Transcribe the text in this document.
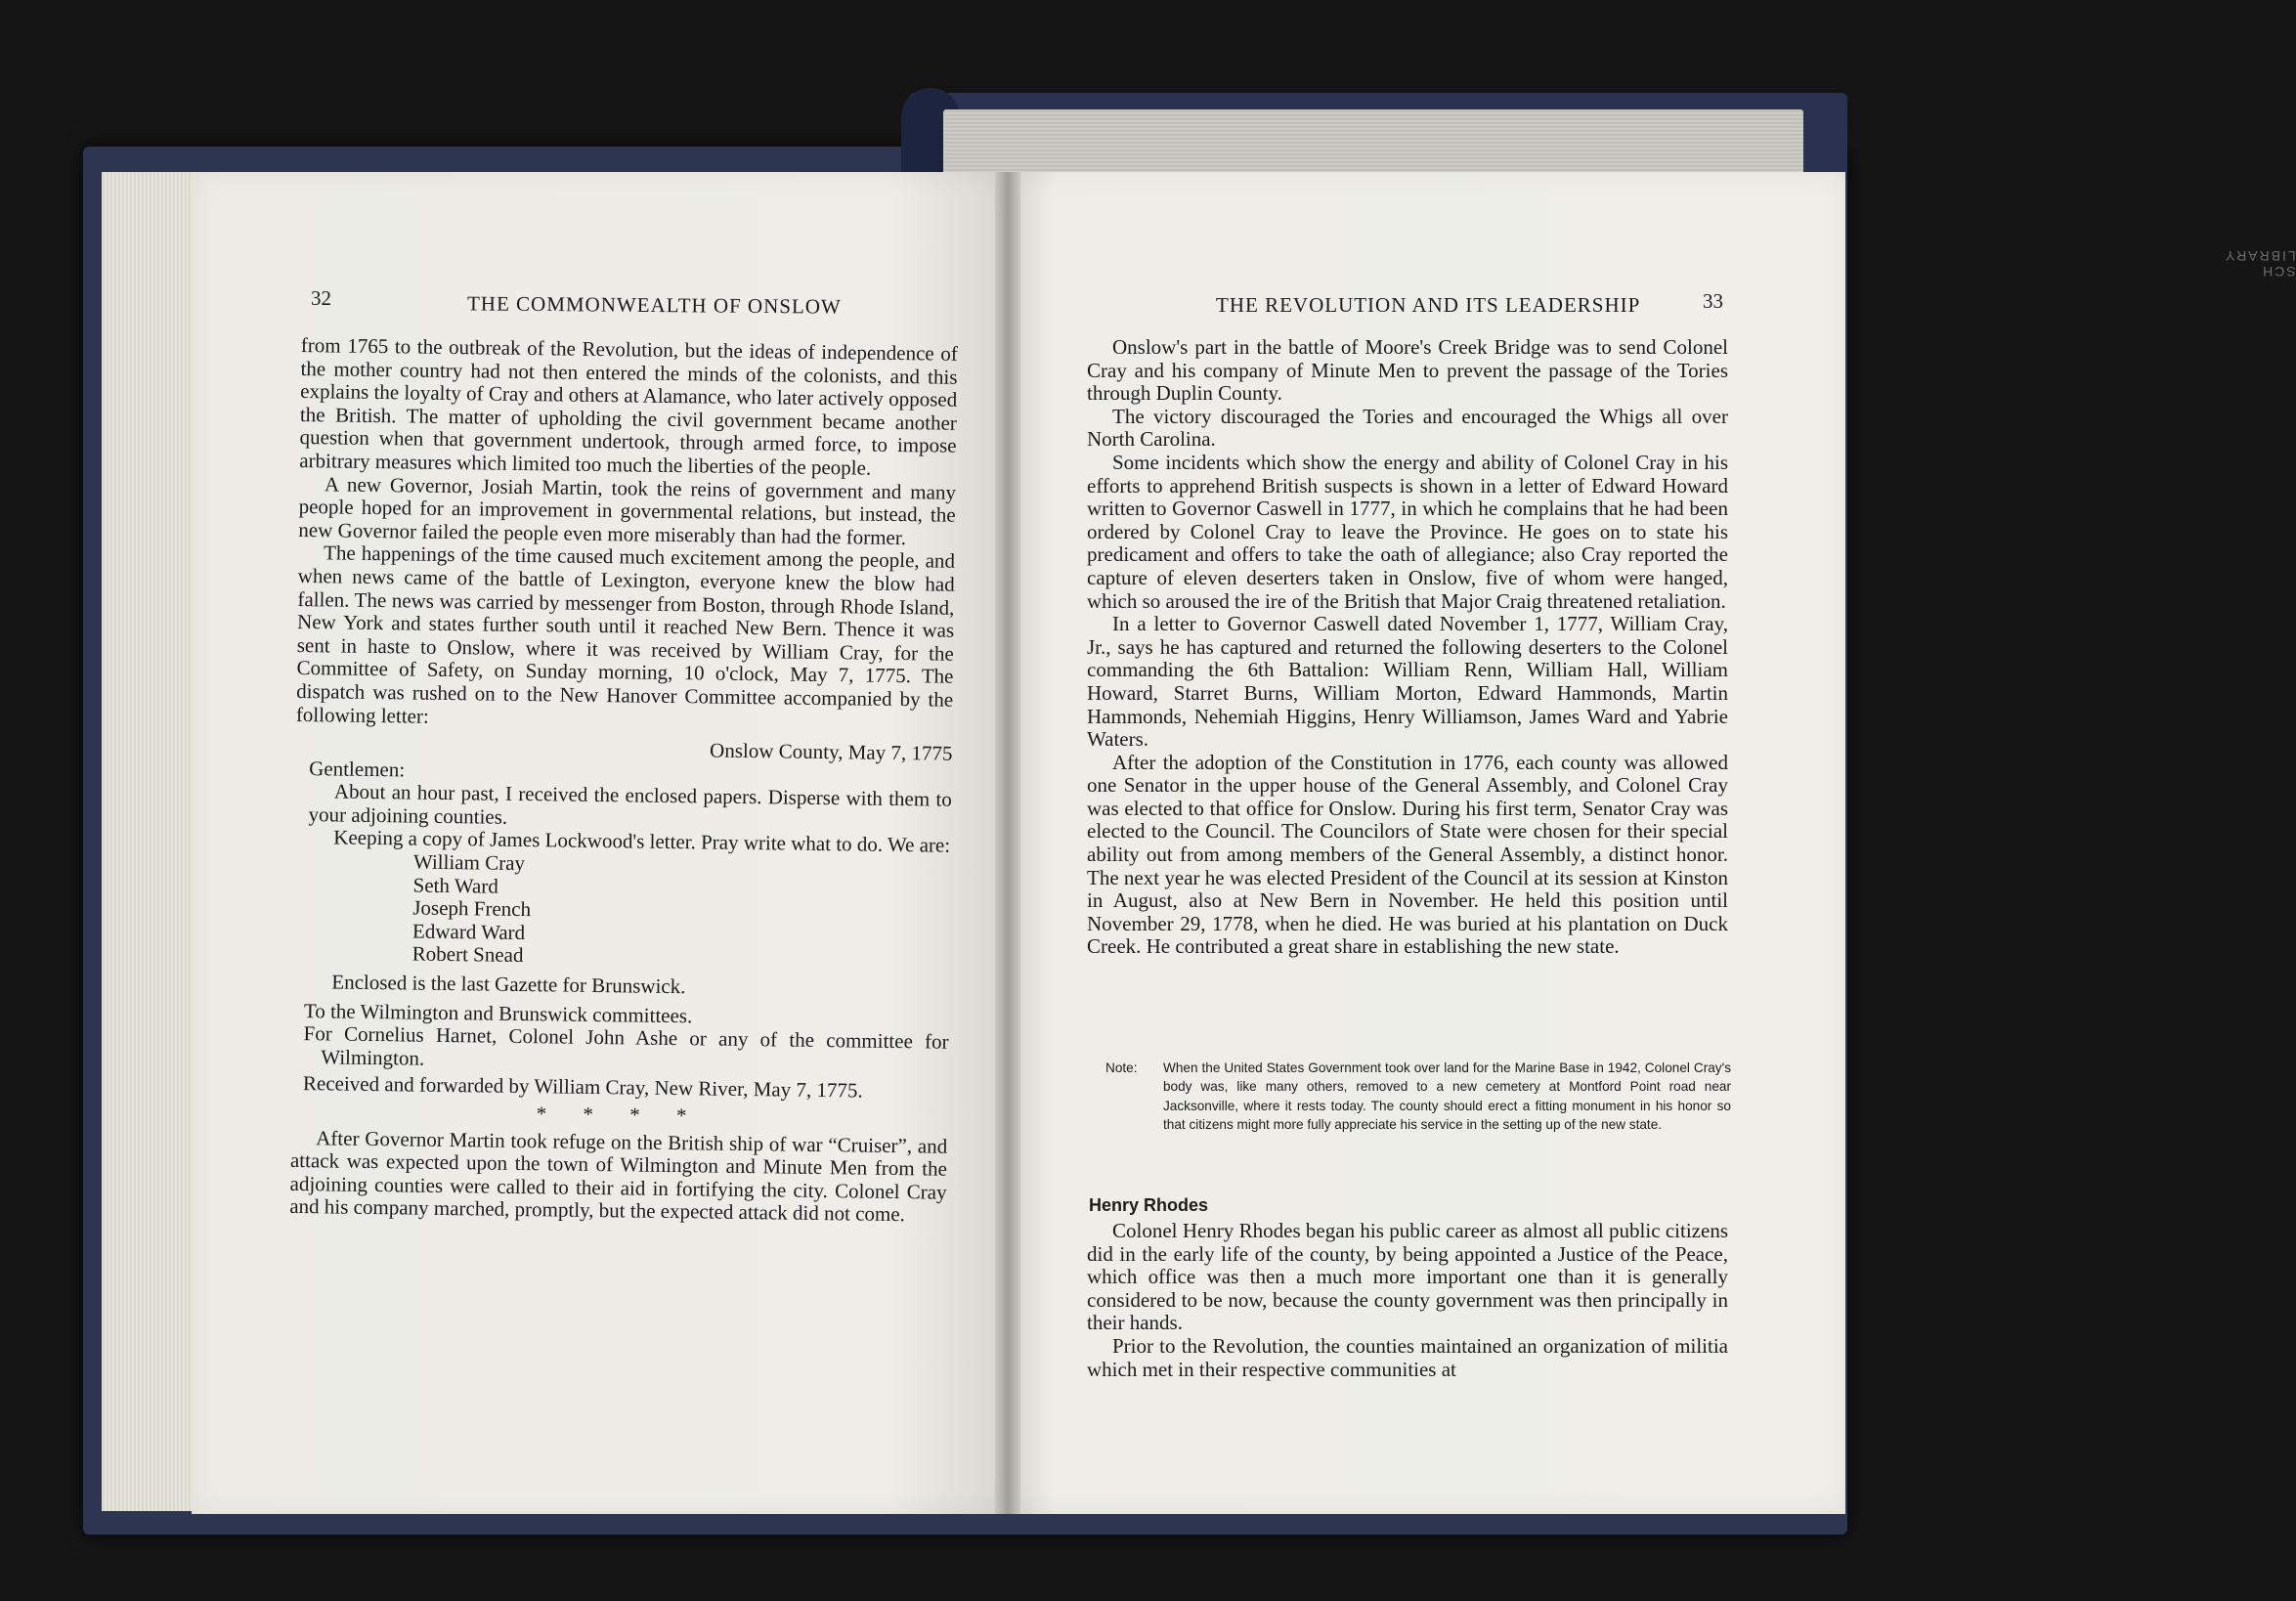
SCH LIBRARY
32	THE COMMONWEALTH OF ONSLOW

from 1765 to the outbreak of the Revolution, but the ideas of independence of the mother country had not then entered the minds of the colonists, and this explains the loyalty of Cray and others at Alamance, who later actively opposed the British. The matter of upholding the civil government became another question when that government undertook, through armed force, to impose arbitrary measures which limited too much the liberties of the people.

A new Governor, Josiah Martin, took the reins of government and many people hoped for an improvement in governmental relations, but instead, the new Governor failed the people even more miserably than had the former.

The happenings of the time caused much excitement among the people, and when news came of the battle of Lexington, everyone knew the blow had fallen. The news was carried by messenger from Boston, through Rhode Island, New York and states further south until it reached New Bern. Thence it was sent in haste to Onslow, where it was received by William Cray, for the Committee of Safety, on Sunday morning, 10 o'clock, May 7, 1775. The dispatch was rushed on to the New Hanover Committee accompanied by the following letter:

Onslow County, May 7, 1775

Gentlemen:

About an hour past, I received the enclosed papers. Disperse with them to your adjoining counties.

Keeping a copy of James Lockwood's letter. Pray write what to do. We are:

William Cray
Seth Ward
Joseph French
Edward Ward
Robert Snead

Enclosed is the last Gazette for Brunswick.

To the Wilmington and Brunswick committees.

For Cornelius Harnet, Colonel John Ashe or any of the committee for Wilmington.

Received and forwarded by William Cray, New River, May 7, 1775.

* * * *

After Governor Martin took refuge on the British ship of war “Cruiser”, and attack was expected upon the town of Wilmington and Minute Men from the adjoining counties were called to their aid in fortifying the city. Colonel Cray and his company marched, promptly, but the expected attack did not come.

THE REVOLUTION AND ITS LEADERSHIP	33

Onslow's part in the battle of Moore's Creek Bridge was to send Colonel Cray and his company of Minute Men to prevent the passage of the Tories through Duplin County.

The victory discouraged the Tories and encouraged the Whigs all over North Carolina.

Some incidents which show the energy and ability of Colonel Cray in his efforts to apprehend British suspects is shown in a letter of Edward Howard written to Governor Caswell in 1777, in which he complains that he had been ordered by Colonel Cray to leave the Province. He goes on to state his predicament and offers to take the oath of allegiance; also Cray reported the capture of eleven deserters taken in Onslow, five of whom were hanged, which so aroused the ire of the British that Major Craig threatened retaliation.

In a letter to Governor Caswell dated November 1, 1777, William Cray, Jr., says he has captured and returned the following deserters to the Colonel commanding the 6th Battalion: William Renn, William Hall, William Howard, Starret Burns, William Morton, Edward Hammonds, Martin Hammonds, Nehemiah Higgins, Henry Williamson, James Ward and Yabrie Waters.

After the adoption of the Constitution in 1776, each county was allowed one Senator in the upper house of the General Assembly, and Colonel Cray was elected to that office for Onslow. During his first term, Senator Cray was elected to the Council. The Councilors of State were chosen for their special ability out from among members of the General Assembly, a distinct honor. The next year he was elected President of the Council at its session at Kinston in August, also at New Bern in November. He held this position until November 29, 1778, when he died. He was buried at his plantation on Duck Creek. He contributed a great share in establishing the new state.

Note: When the United States Government took over land for the Marine Base in 1942, Colonel Cray's body was, like many others, removed to a new cemetery at Montford Point road near Jacksonville, where it rests today. The county should erect a fitting monument in his honor so that citizens might more fully appreciate his service in the setting up of the new state.
Henry Rhodes

Colonel Henry Rhodes began his public career as almost all public citizens did in the early life of the county, by being appointed a Justice of the Peace, which office was then a much more important one than it is generally considered to be now, because the county government was then principally in their hands.

Prior to the Revolution, the counties maintained an organization of militia which met in their respective communities at
